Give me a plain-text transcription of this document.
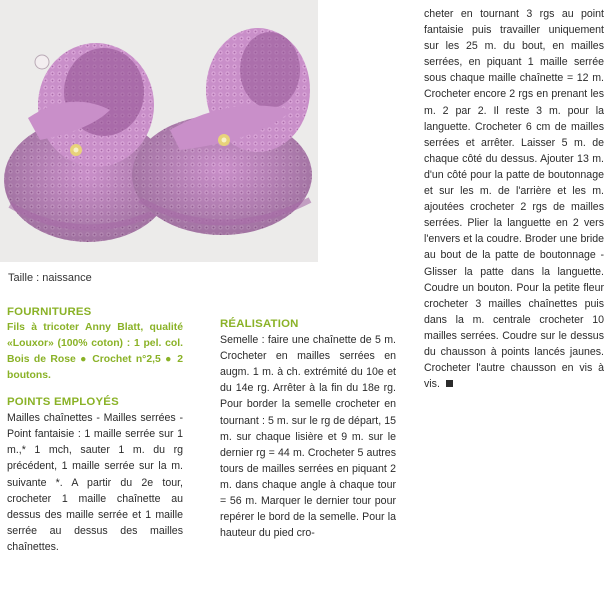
Taille : naissance

FOURNITURES

Fils à tricoter Anny Blatt, qualité «Louxor» (100% coton) : 1 pel. col. Bois de Rose ● Crochet n°2,5 ● 2 boutons.

POINTS EMPLOYÉS

Mailles chaînettes - Mailles serrées - Point fantaisie : 1 maille serrée sur 1 m.,* 1 mch, sauter 1 m. du rg précédent, 1 maille serrée sur la m. suivante *. A partir du 2e tour, crocheter 1 maille chaînette au dessus des maille serrée et 1 maille serrée au dessus des mailles chaînettes.

RÉALISATION

Semelle : faire une chaînette de 5 m. Crocheter en mailles serrées en augm. 1 m. à ch. extrémité du 10e et du 14e rg. Arrêter à la fin du 18e rg. Pour border la semelle crocheter en tournant : 5 m. sur le rg de départ, 15 m. sur chaque lisière et 9 m. sur le dernier rg = 44 m. Crocheter 5 autres tours de mailles serrées en piquant 2 m. dans chaque angle à chaque tour = 56 m. Marquer le dernier tour pour repérer le bord de la semelle. Pour la hauteur du pied cro-

cheter en tournant 3 rgs au point fantaisie puis travailler uniquement sur les 25 m. du bout, en mailles serrées, en piquant 1 maille serrée sous chaque maille chaînette = 12 m. Crocheter encore 2 rgs en prenant les m. 2 par 2. Il reste 3 m. pour la languette. Crocheter 6 cm de mailles serrées et arrêter. Laisser 5 m. de chaque côté du dessus. Ajouter 13 m. d'un côté pour la patte de boutonnage et sur les m. de l'arrière et les m. ajoutées crocheter 2 rgs de mailles serrées. Plier la languette en 2 vers l'envers et la coudre. Broder une bride au bout de la patte de boutonnage - Glisser la patte dans la languette. Coudre un bouton. Pour la petite fleur crocheter 3 mailles chaînettes puis dans la m. centrale crocheter 10 mailles serrées. Coudre sur le dessus du chausson à points lancés jaunes. Crocheter l'autre chausson en vis à vis.
